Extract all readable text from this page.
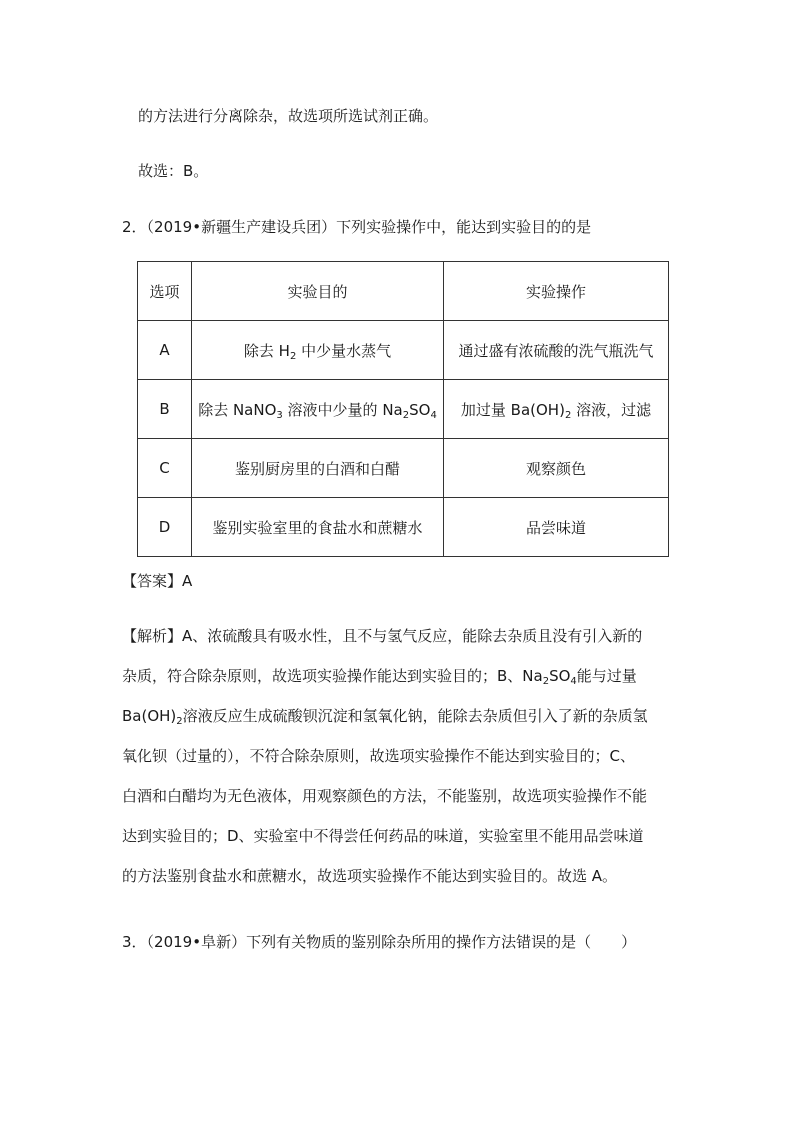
的方法进行分离除杂，故选项所选试剂正确。
故选：B。
2．（2019•新疆生产建设兵团）下列实验操作中，能达到实验目的的是
选项	实验目的	实验操作
A	除去 $H_2$ 中少量水蒸气	通过盛有浓硫酸的洗气瓶洗气
B	除去 NaNO$_3$ 溶液中少量的 $Na_2SO_4$	加过量 $Ba(OH)_2$ 溶液，过滤
C	鉴别厨房里的白酒和白醋	观察颜色
D	鉴别实验室里的食盐水和蔗糖水	品尝味道
【答案】A
【解析】A、浓硫酸具有吸水性，且不与氢气反应，能除去杂质且没有引入新的
杂质，符合除杂原则，故选项实验操作能达到实验目的；B、$Na_2SO_4$能与过量
$Ba(OH)_2$溶液反应生成硫酸钡沉淀和氢氧化钠，能除去杂质但引入了新的杂质氢
氧化钡（过量的），不符合除杂原则，故选项实验操作不能达到实验目的；C、
白酒和白醋均为无色液体，用观察颜色的方法，不能鉴别，故选项实验操作不能
达到实验目的；D、实验室中不得尝任何药品的味道，实验室里不能用品尝味道
的方法鉴别食盐水和蔗糖水，故选项实验操作不能达到实验目的。故选 A。
3．（2019•阜新）下列有关物质的鉴别除杂所用的操作方法错误的是（　　）
